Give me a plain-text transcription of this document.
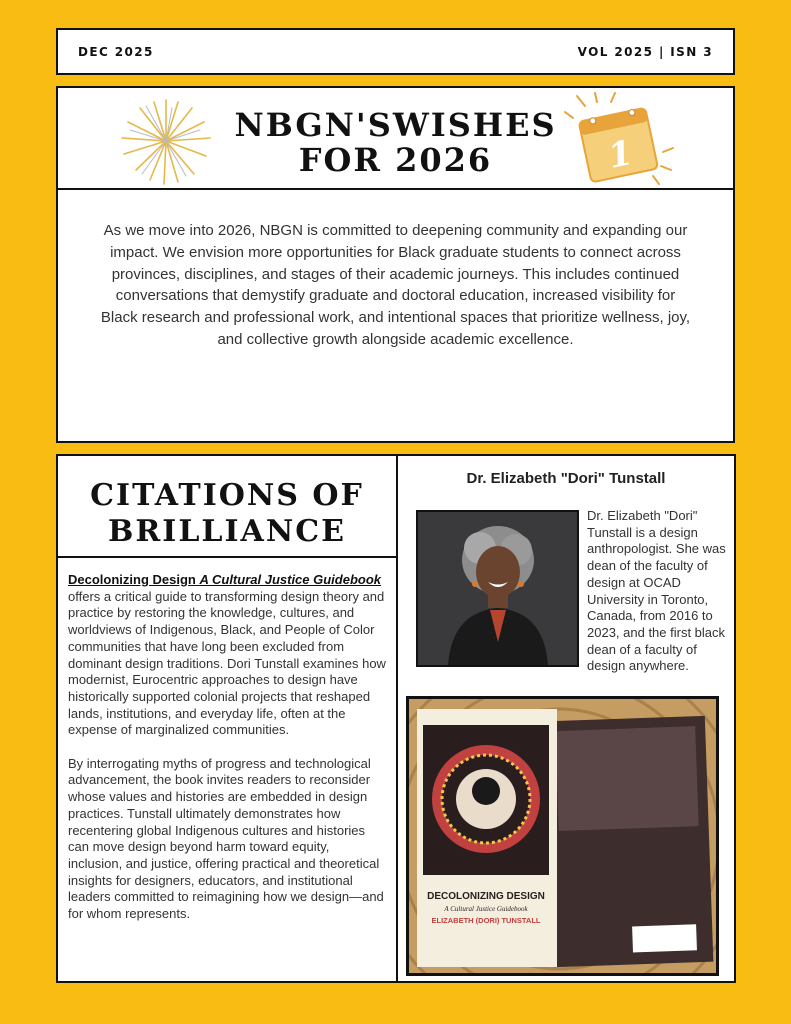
DEC 2025	VOL 2025 | ISN 3
NBGN'SWISHES
FOR 2026	1
As we move into 2026, NBGN is committed to deepening community and expanding our impact. We envision more opportunities for Black graduate students to connect across provinces, disciplines, and stages of their academic journeys. This includes continued conversations that demystify graduate and doctoral education, increased visibility for Black research and professional work, and intentional spaces that prioritize wellness, joy, and collective growth alongside academic excellence.
CITATIONS OF
BRILLIANCE

Decolonizing Design A Cultural Justice Guidebook offers a critical guide to transforming design theory and practice by restoring the knowledge, cultures, and worldviews of Indigenous, Black, and People of Color communities that have long been excluded from dominant design traditions. Dori Tunstall examines how modernist, Eurocentric approaches to design have historically supported colonial projects that reshaped lands, institutions, and everyday life, often at the expense of marginalized communities.

By interrogating myths of progress and technological advancement, the book invites readers to reconsider whose values and histories are embedded in design practices. Tunstall ultimately demonstrates how recentering global Indigenous cultures and histories can move design beyond harm toward equity, inclusion, and justice, offering practical and theoretical insights for designers, educators, and institutional leaders committed to reimagining how we design—and for whom represents.

Dr. Elizabeth "Dori" Tunstall
Dr. Elizabeth "Dori" Tunstall is a design anthropologist. She was dean of the faculty of design at OCAD University in Toronto, Canada, from 2016 to 2023, and the first black dean of a faculty of design anywhere.
DECOLONIZING DESIGN
A Cultural Justice Guidebook
ELIZABETH (DORI) TUNSTALL
